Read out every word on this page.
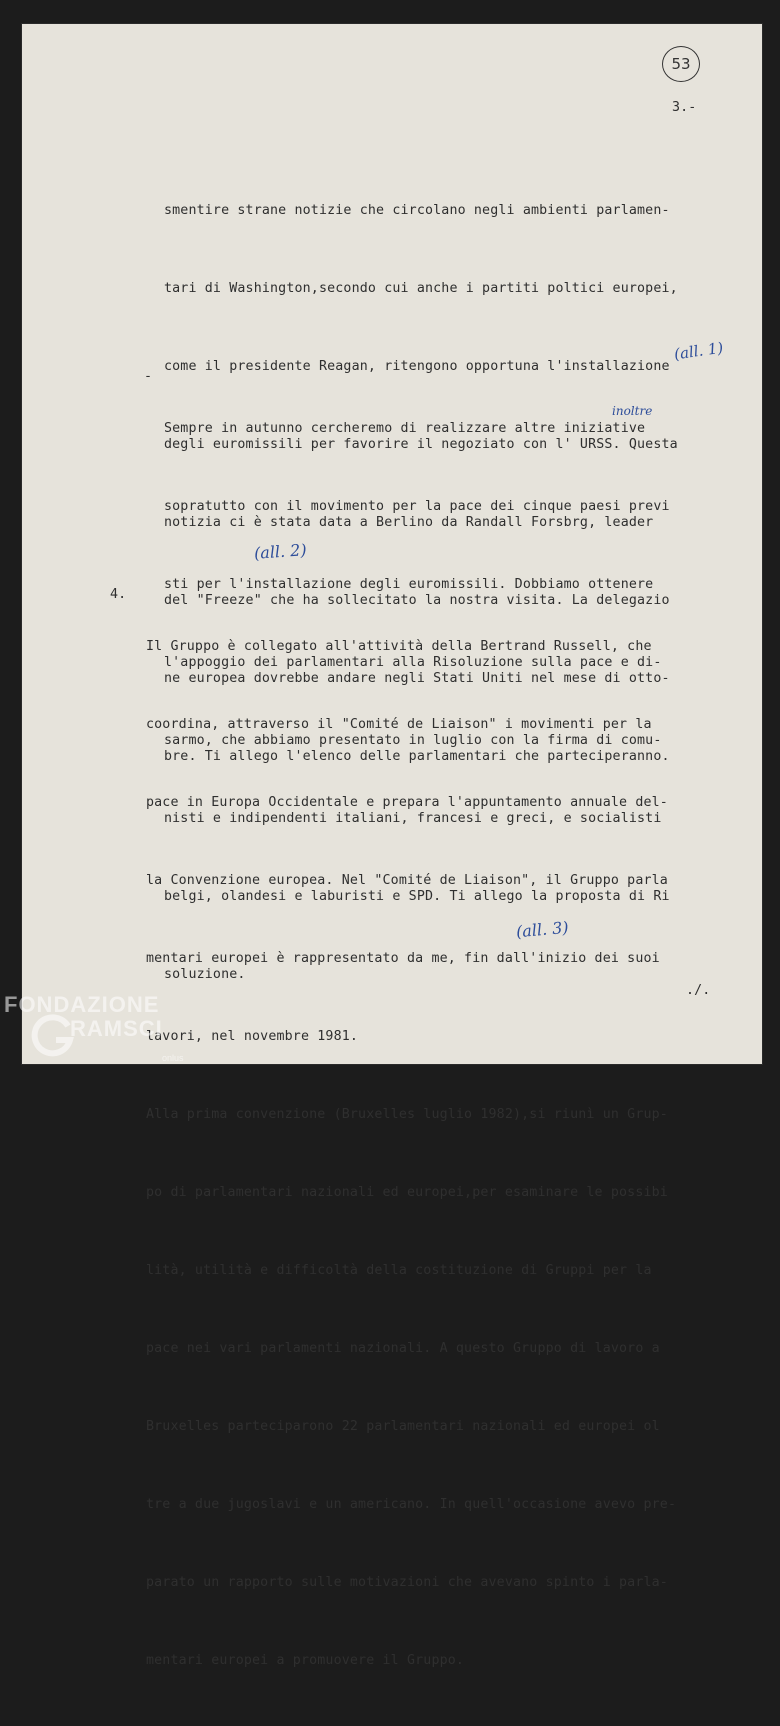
53
3.-

smentire strane notizie che circolano negli ambienti parlamen-

tari di Washington,secondo cui anche i partiti poltici europei,

come il presidente Reagan, ritengono opportuna l'installazione

degli euromissili per favorire il negoziato con l' URSS. Questa

notizia ci è stata data a Berlino da Randall Forsbrg, leader

del "Freeze" che ha sollecitato la nostra visita. La delegazio

ne europea dovrebbe andare negli Stati Uniti nel mese di otto-

bre. Ti allego l'elenco delle parlamentari che parteciperanno.

(all. 1)
-

Sempre in autunno cercheremo di realizzare altre iniziative

sopratutto con il movimento per la pace dei cinque paesi previ

sti per l'installazione degli euromissili. Dobbiamo ottenere

l'appoggio dei parlamentari alla Risoluzione sulla pace e di-

sarmo, che abbiamo presentato in luglio con la firma di comu-

nisti e indipendenti italiani, francesi e greci, e socialisti

belgi, olandesi e laburisti e SPD. Ti allego la proposta di Ri

soluzione.

inoltre
(all. 2)
4.

Il Gruppo è collegato all'attività della Bertrand Russell, che

coordina, attraverso il "Comité de Liaison" i movimenti per la

pace in Europa Occidentale e prepara l'appuntamento annuale del-

la Convenzione europea. Nel "Comité de Liaison", il Gruppo parla

mentari europei è rappresentato da me, fin dall'inizio dei suoi

lavori, nel novembre 1981.

Alla prima convenzione (Bruxelles luglio 1982),si riunì un Grup-

po di parlamentari nazionali ed europei,per esaminare le possibi

lità, utilità e difficoltà della costituzione di Gruppi per la

pace nei vari parlamenti nazionali. A questo Gruppo di lavoro a

Bruxelles parteciparono 22 parlamentari nazionali ed europei ol

tre a due jugoslavi e un americano. In quell'occasione avevo pre-

parato un rapporto sulle motivazioni che avevano spinto i parla-

mentari europei a promuovere il Gruppo.

(all. 3)
./.
FONDAZIONE
RAMSCI
onlus
